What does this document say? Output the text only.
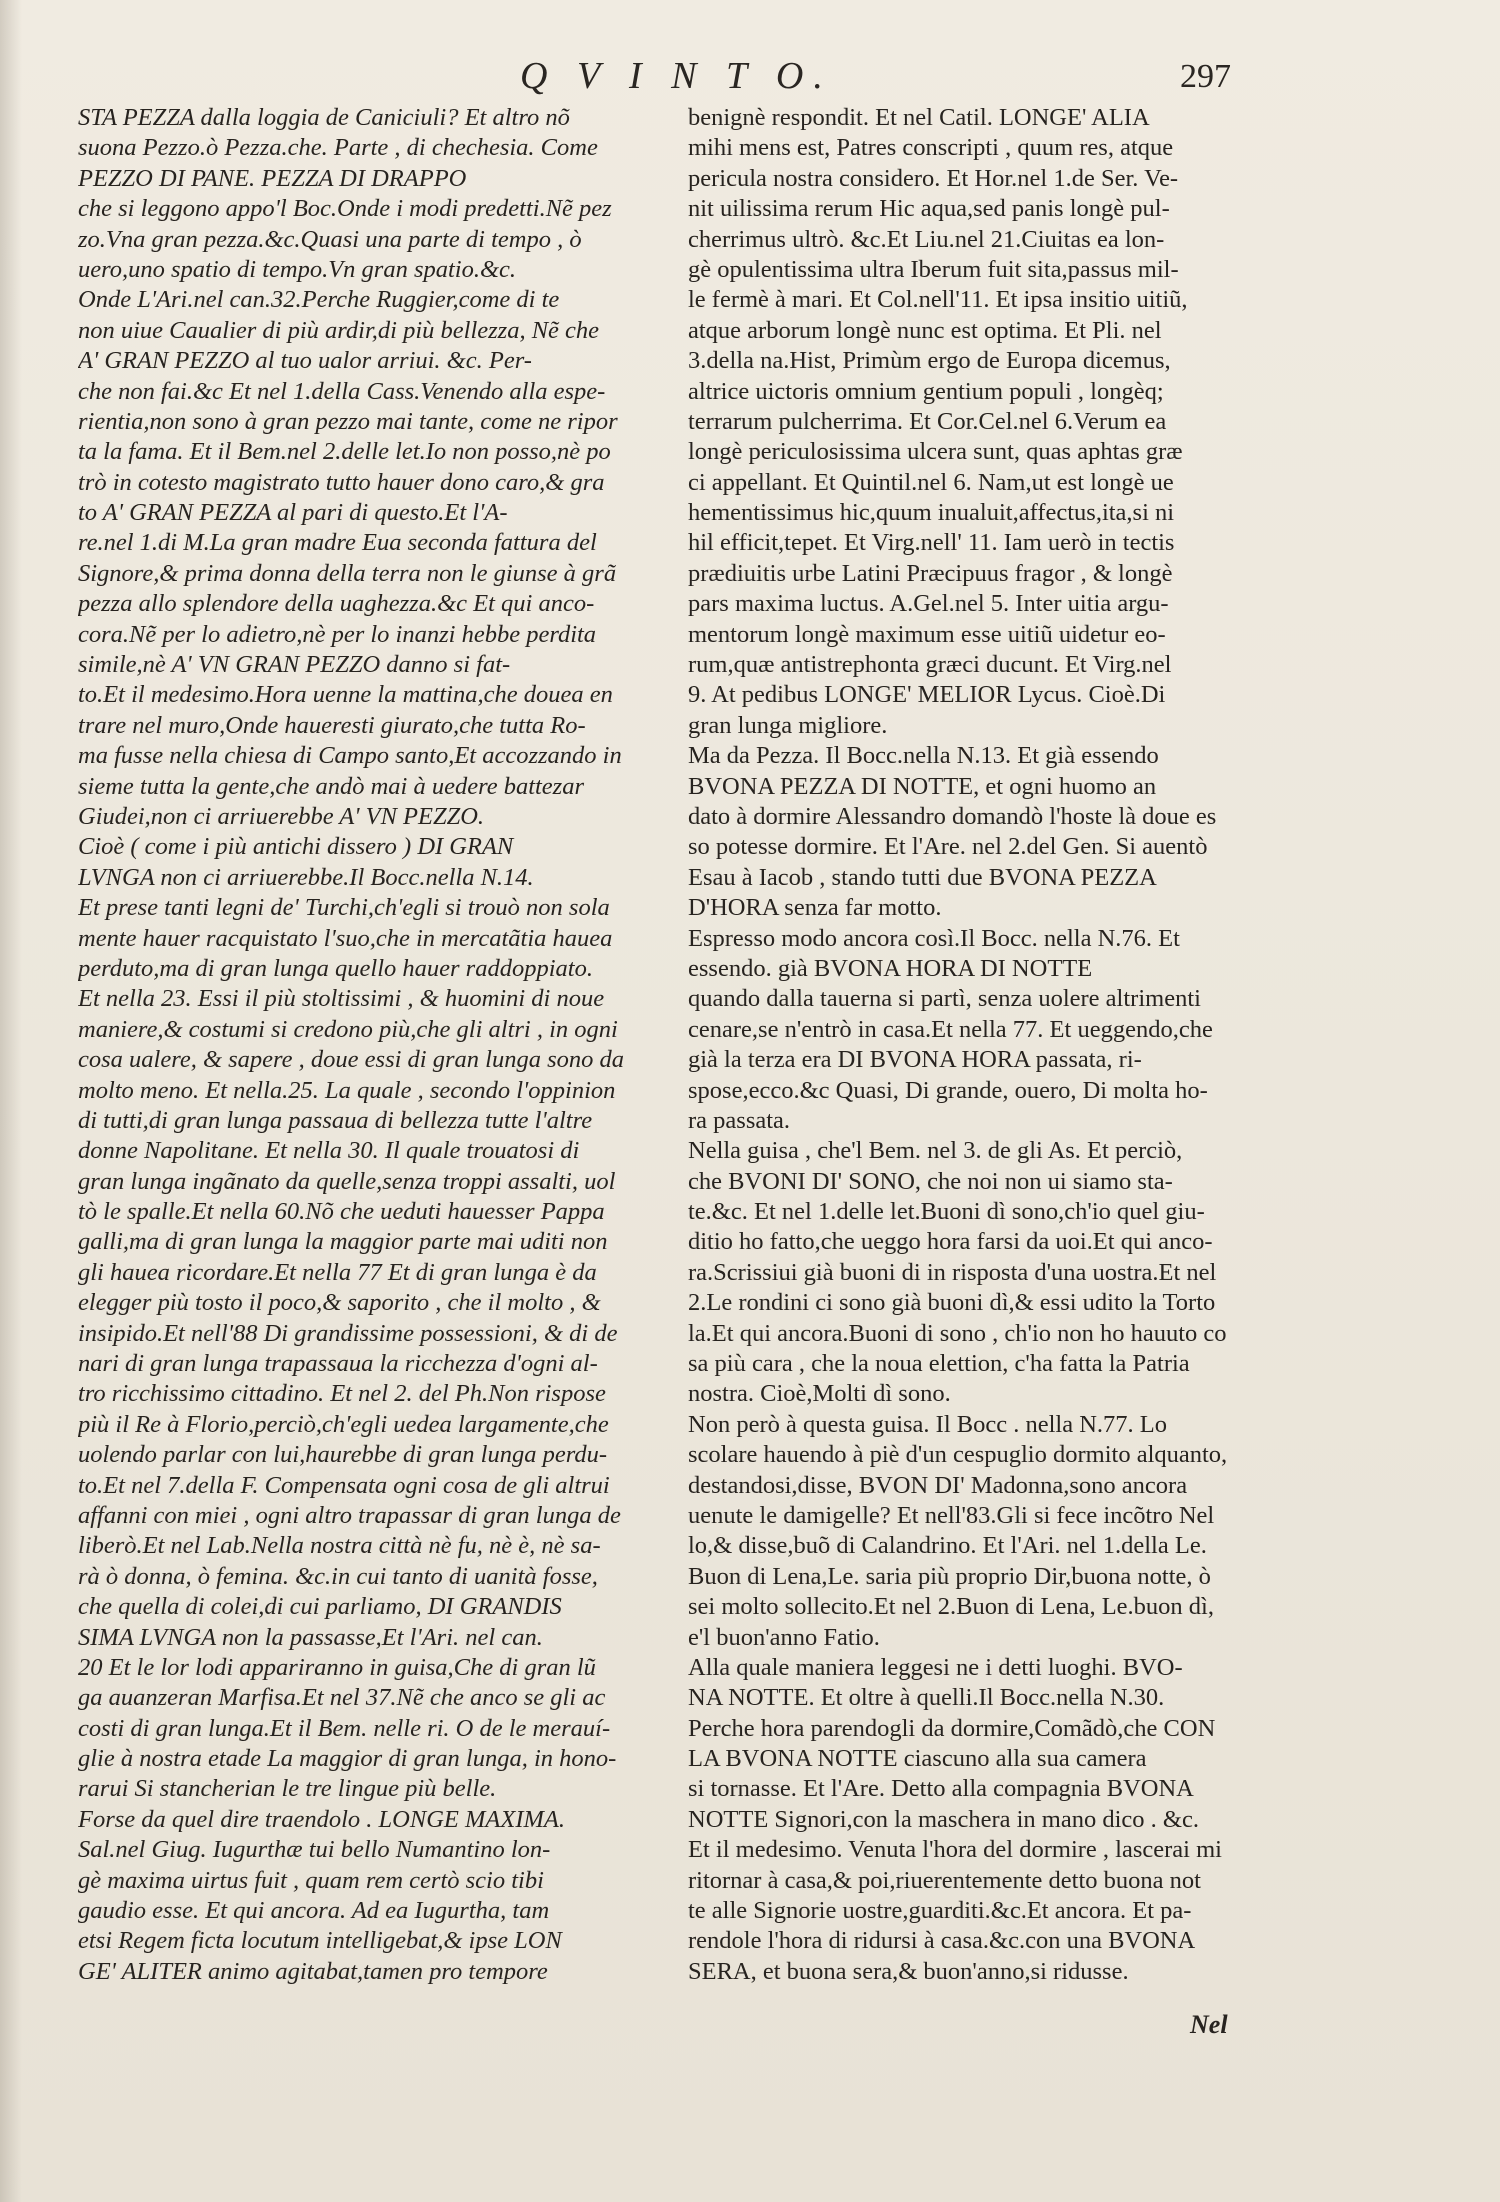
Q V I N T O.	297
STA PEZZA dalla loggia de Caniciuli? Et altro nõ
suona Pezzo.ò Pezza.che. Parte , di chechesia. Come
PEZZO DI PANE. PEZZA DI DRAPPO
che si leggono appo'l Boc.Onde i modi predetti.Nẽ pez
zo.Vna gran pezza.&c.Quasi una parte di tempo , ò
uero,uno spatio di tempo.Vn gran spatio.&c.
Onde L'Ari.nel can.32.Perche Ruggier,come di te
non uiue Caualier di più ardir,di più bellezza, Nẽ che
A' GRAN PEZZO al tuo ualor arriui. &c. Per-
che non fai.&c Et nel 1.della Cass.Venendo alla espe-
rientia,non sono à gran pezzo mai tante, come ne ripor
ta la fama. Et il Bem.nel 2.delle let.Io non posso,nè po
trò in cotesto magistrato tutto hauer dono caro,& gra
to A' GRAN PEZZA al pari di questo.Et l'A-
re.nel 1.di M.La gran madre Eua seconda fattura del
Signore,& prima donna della terra non le giunse à grã
pezza allo splendore della uaghezza.&c Et qui anco-
cora.Nẽ per lo adietro,nè per lo inanzi hebbe perdita
simile,nè A' VN GRAN PEZZO danno si fat-
to.Et il medesimo.Hora uenne la mattina,che douea en
trare nel muro,Onde haueresti giurato,che tutta Ro-
ma fusse nella chiesa di Campo santo,Et accozzando in
sieme tutta la gente,che andò mai à uedere battezar
Giudei,non ci arriuerebbe A' VN PEZZO.
Cioè ( come i più antichi dissero ) DI GRAN
LVNGA non ci arriuerebbe.Il Bocc.nella N.14.
Et prese tanti legni de' Turchi,ch'egli si trouò non sola
mente hauer racquistato l'suo,che in mercatãtia hauea
perduto,ma di gran lunga quello hauer raddoppiato.
Et nella 23. Essi il più stoltissimi , & huomini di noue
maniere,& costumi si credono più,che gli altri , in ogni
cosa ualere, & sapere , doue essi di gran lunga sono da
molto meno. Et nella.25. La quale , secondo l'oppinion
di tutti,di gran lunga passaua di bellezza tutte l'altre
donne Napolitane. Et nella 30. Il quale trouatosi di
gran lunga ingãnato da quelle,senza troppi assalti, uol
tò le spalle.Et nella 60.Nõ che ueduti hauesser Pappa
galli,ma di gran lunga la maggior parte mai uditi non
gli hauea ricordare.Et nella 77 Et di gran lunga è da
elegger più tosto il poco,& saporito , che il molto , &
insipido.Et nell'88 Di grandissime possessioni, & di de
nari di gran lunga trapassaua la ricchezza d'ogni al-
tro ricchissimo cittadino. Et nel 2. del Ph.Non rispose
più il Re à Florio,perciò,ch'egli uedea largamente,che
uolendo parlar con lui,haurebbe di gran lunga perdu-
to.Et nel 7.della F. Compensata ogni cosa de gli altrui
affanni con miei , ogni altro trapassar di gran lunga de
liberò.Et nel Lab.Nella nostra città nè fu, nè è, nè sa-
rà ò donna, ò femina. &c.in cui tanto di uanità fosse,
che quella di colei,di cui parliamo, DI GRANDIS
SIMA LVNGA non la passasse,Et l'Ari. nel can.
20 Et le lor lodi appariranno in guisa,Che di gran lũ
ga auanzeran Marfisa.Et nel 37.Nẽ che anco se gli ac
costi di gran lunga.Et il Bem. nelle ri. O de le merauí-
glie à nostra etade La maggior di gran lunga, in hono-
rarui Si stancherian le tre lingue più belle.
Forse da quel dire traendolo . LONGE MAXIMA.
Sal.nel Giug. Iugurthæ tui bello Numantino lon-
gè maxima uirtus fuit , quam rem certò scio tibi
gaudio esse. Et qui ancora. Ad ea Iugurtha, tam
etsi Regem ficta locutum intelligebat,& ipse LON
GE' ALITER animo agitabat,tamen pro tempore
benignè respondit. Et nel Catil. LONGE' ALIA
mihi mens est, Patres conscripti , quum res, atque
pericula nostra considero. Et Hor.nel 1.de Ser. Ve-
nit uilissima rerum Hic aqua,sed panis longè pul-
cherrimus ultrò. &c.Et Liu.nel 21.Ciuitas ea lon-
gè opulentissima ultra Iberum fuit sita,passus mil-
le fermè à mari. Et Col.nell'11. Et ipsa insitio uitiũ,
atque arborum longè nunc est optima. Et Pli. nel
3.della na.Hist, Primùm ergo de Europa dicemus,
altrice uictoris omnium gentium populi , longèq;
terrarum pulcherrima. Et Cor.Cel.nel 6.Verum ea
longè periculosissima ulcera sunt, quas aphtas græ
ci appellant. Et Quintil.nel 6. Nam,ut est longè ue
hementissimus hic,quum inualuit,affectus,ita,si ni
hil efficit,tepet. Et Virg.nell' 11. Iam uerò in tectis
prædiuitis urbe Latini Præcipuus fragor , & longè
pars maxima luctus. A.Gel.nel 5. Inter uitia argu-
mentorum longè maximum esse uitiũ uidetur eo-
rum,quæ antistrephonta græci ducunt. Et Virg.nel
9. At pedibus LONGE' MELIOR Lycus. Cioè.Di
gran lunga migliore.
Ma da Pezza. Il Bocc.nella N.13. Et già essendo
BVONA PEZZA DI NOTTE, et ogni huomo an
dato à dormire Alessandro domandò l'hoste là doue es
so potesse dormire. Et l'Are. nel 2.del Gen. Si auentò
Esau à Iacob , stando tutti due BVONA PEZZA
D'HORA senza far motto.
Espresso modo ancora così.Il Bocc. nella N.76. Et
essendo. già BVONA HORA DI NOTTE
quando dalla tauerna si partì, senza uolere altrimenti
cenare,se n'entrò in casa.Et nella 77. Et ueggendo,che
già la terza era DI BVONA HORA passata, ri-
spose,ecco.&c Quasi, Di grande, ouero, Di molta ho-
ra passata.
Nella guisa , che'l Bem. nel 3. de gli As. Et perciò,
che BVONI DI' SONO, che noi non ui siamo sta-
te.&c. Et nel 1.delle let.Buoni dì sono,ch'io quel giu-
ditio ho fatto,che ueggo hora farsi da uoi.Et qui anco-
ra.Scrissiui già buoni di in risposta d'una uostra.Et nel
2.Le rondini ci sono già buoni dì,& essi udito la Torto
la.Et qui ancora.Buoni di sono , ch'io non ho hauuto co
sa più cara , che la noua elettion, c'ha fatta la Patria
nostra. Cioè,Molti dì sono.
Non però à questa guisa. Il Bocc . nella N.77. Lo
scolare hauendo à piè d'un cespuglio dormito alquanto,
destandosi,disse, BVON DI' Madonna,sono ancora
uenute le damigelle? Et nell'83.Gli si fece incõtro Nel
lo,& disse,buõ di Calandrino. Et l'Ari. nel 1.della Le.
Buon di Lena,Le. saria più proprio Dir,buona notte, ò
sei molto sollecito.Et nel 2.Buon di Lena, Le.buon dì,
e'l buon'anno Fatio.
Alla quale maniera leggesi ne i detti luoghi. BVO-
NA NOTTE. Et oltre à quelli.Il Bocc.nella N.30.
Perche hora parendogli da dormire,Comãdò,che CON
LA BVONA NOTTE ciascuno alla sua camera
si tornasse. Et l'Are. Detto alla compagnia BVONA
NOTTE Signori,con la maschera in mano dico . &c.
Et il medesimo. Venuta l'hora del dormire , lascerai mi
ritornar à casa,& poi,riuerentemente detto buona not
te alle Signorie uostre,guarditi.&c.Et ancora. Et pa-
rendole l'hora di ridursi à casa.&c.con una BVONA
SERA, et buona sera,& buon'anno,si ridusse.
Nel
